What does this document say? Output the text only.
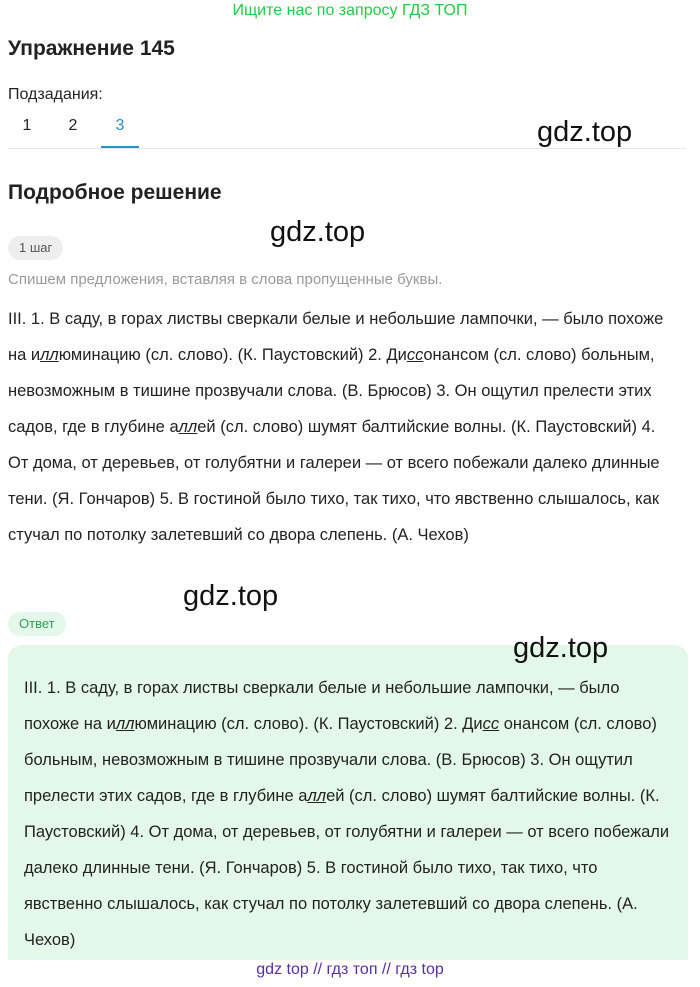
Ищите нас по запросу ГДЗ ТОП
Упражнение 145
Подзадания:
1	2	3	gdz.top
gdz.top
gdz.top
Подробное решение
1 шаг
Спишем предложения, вставляя в слова пропущенные буквы.
III. 1. В саду, в горах листвы сверкали белые и небольшие лампочки, — было похоже на иллюминацию (сл. слово). (К. Паустовский) 2. Диссонансом (сл. слово) больным, невозможным в тишине прозвучали слова. (В. Брюсов) 3. Он ощутил прелести этих садов, где в глубине аллей (сл. слово) шумят балтийские волны. (К. Паустовский) 4. От дома, от деревьев, от голубятни и галереи — от всего побежали далеко длинные тени. (Я. Гончаров) 5. В гостиной было тихо, так тихо, что явственно слышалось, как стучал по потолку залетевший со двора слепень. (А. Чехов)
Ответ
gdz.top
III. 1. В саду, в горах листвы сверкали белые и небольшие лампочки, — было похоже на иллюминацию (сл. слово). (К. Паустовский) 2. Дисс онансом (сл. слово) больным, невозможным в тишине прозвучали слова. (В. Брюсов) 3. Он ощутил прелести этих садов, где в глубине аллей (сл. слово) шумят балтийские волны. (К. Паустовский) 4. От дома, от деревьев, от голубятни и галереи — от всего побежали далеко длинные тени. (Я. Гончаров) 5. В гостиной было тихо, так тихо, что явственно слышалось, как стучал по потолку залетевший со двора слепень. (А. Чехов)
gdz top // гдз топ // гдз top
